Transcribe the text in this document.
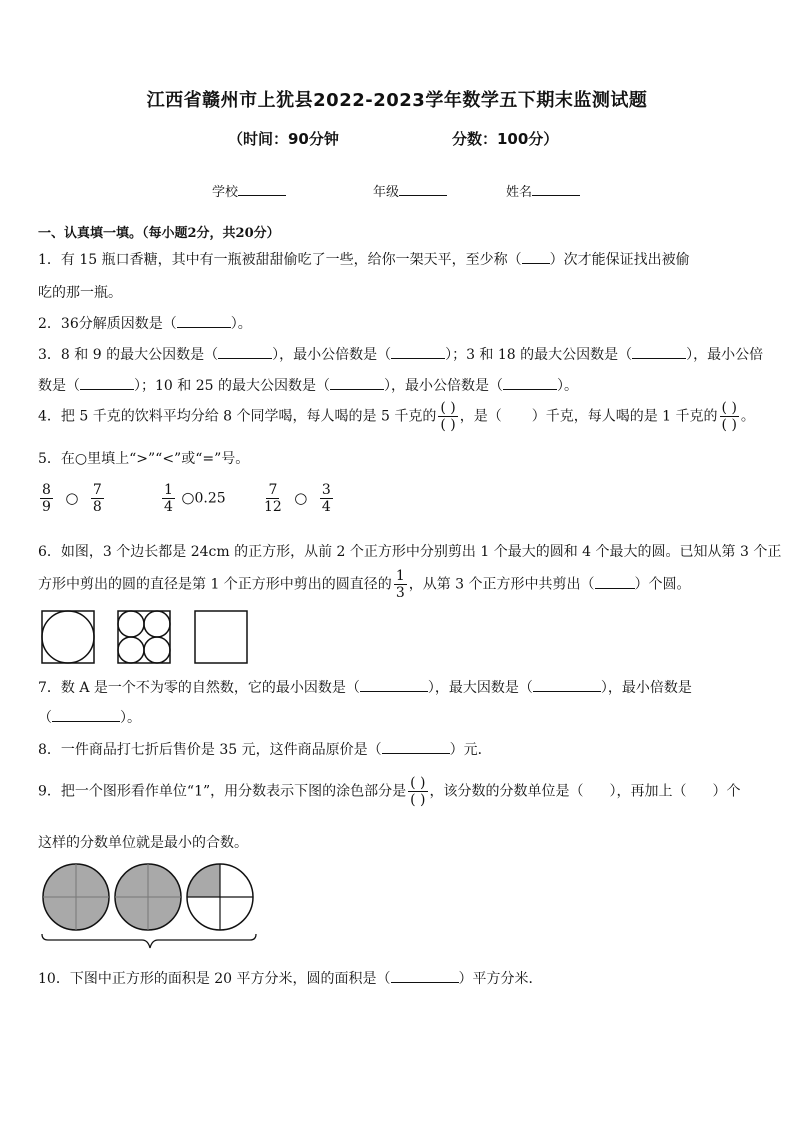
江西省赣州市上犹县2022-2023学年数学五下期末监测试题
（时间：90分钟	分数：100分）
学校	年级	姓名
一、认真填一填。（每小题2分，共20分）
1．有 15 瓶口香糖，其中有一瓶被甜甜偷吃了一些，给你一架天平，至少称（ ）次才能保证找出被偷
吃的那一瓶。
2．36分解质因数是（	）。
3．8 和 9 的最大公因数是（	），最小公倍数是（	）；3 和 18 的最大公因数是（	），最小公倍
数是（	）；10 和 25 的最大公因数是（	），最小公倍数是（	）。
4．把 5 千克的饮料平均分给 8 个同学喝，每人喝的是 5 千克的 $\frac{( )}{( )}$ ，是（ ）千克，每人喝的是 1 千克的 $\frac{( )}{( )}$ 。
5．在○里填上“>”“<”或“=”号。
$\frac{8}{9}$ ○ $\frac{7}{8}$	$\frac{1}{4}$ ○0.25	$\frac{7}{12}$ ○ $\frac{3}{4}$
6．如图，3 个边长都是 24cm 的正方形，从前 2 个正方形中分别剪出 1 个最大的圆和 4 个最大的圆。已知从第 3 个正
方形中剪出的圆的直径是第 1 个正方形中剪出的圆直径的 $\frac{1}{3}$ ，从第 3 个正方形中共剪出（	）个圆。
7．数 A 是一个不为零的自然数，它的最小因数是（	），最大因数是（	），最小倍数是
（	）。
8．一件商品打七折后售价是 35 元，这件商品原价是（	）元．
9．把一个图形看作单位“1”，用分数表示下图的涂色部分是 $\frac{( )}{( )}$ ，该分数的分数单位是（ ），再加上（ ）个
这样的分数单位就是最小的合数。
10．下图中正方形的面积是 20 平方分米，圆的面积是（	）平方分米．
